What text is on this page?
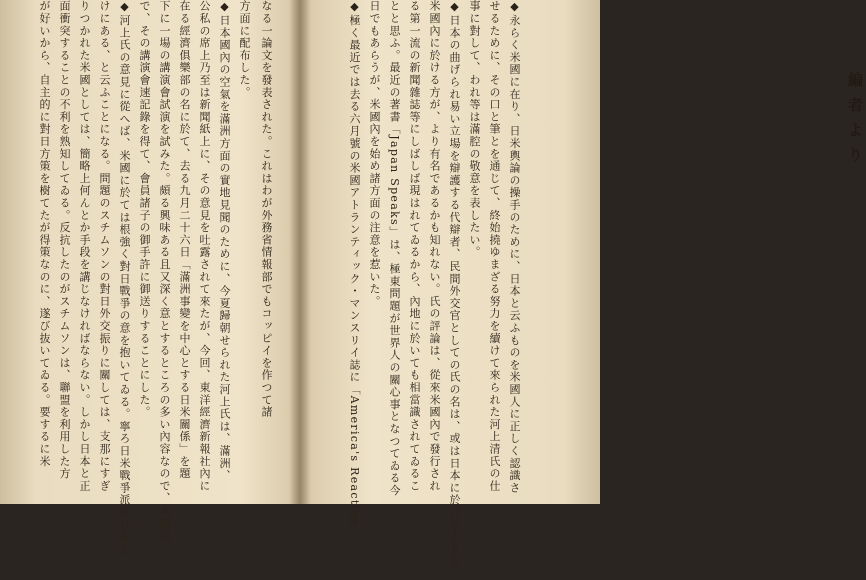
編者より
◆永らく米國に在り、日米輿論の操手のために、日本と云ふものを米國人に正しく認識さ
せるために、その口と筆とを通じて、終始撓ゆまざる努力を續けて來られた河上清氏の仕
事に對して、われ等は滿腔の敬意を表したい。
◆日本の曲げられ易い立場を辯護する代辯者、民間外交官としての氏の名は、或は日本に於けるよりも、
米國內に於ける方が、より有名であるかも知れない。氏の評論は、從來米國內で發行され
る第一流の新聞雜誌等にしばしば現はれてゐるから、內地に於いても相當識されてゐるこ
とと思ふ。最近の著書「Japan Speaks」は、極東問題が世界人の關心事となつてゐる今
日でもあらうが、米國內を始め諸方面の注意を惹いた。
◆極く最近では去る六月號の米國アトランティック・マンスリイ誌に「America's Reaction」
なる一論文を發表された。これはわが外務省情報部でもコッピイを作つて諸
方面に配布した。
◆日本國內の空氣を滿洲方面の實地見聞のために、今夏歸朝せられた河上氏は、滿洲、
公私の席上乃至は新聞紙上に、その意見を吐露されて來たが、今回、東洋經濟新報社內に
在る經濟俱樂部の名に於て、去る九月二十六日「滿洲事變を中心とする日米關係」を題
下に一場の講演會試演を試みた。頗る興味ある且又深く意とするところの多い內容なので、本通信
で、その講演會速記錄を得て、會員諸子の御手許に御送りすることにした。
◆河上氏の意見に從へば、米國に於ては根強く對日戰爭の意を抱いてゐる。寧ろ日米戰爭派は日本だ
けにある、と云ふことになる。問題のスチムソンの對日外交振りに關しては、支那にすぎ
りつかれた米國としては、簡略上何んとか手段を講じなければならない。しかし日本と正
面衝突することの不利を熟知してゐる。反抗したのがスチムソンは、聯盟を利用した方
が好いから、自主的に對日方策を樹てたが得策なのに、遂び抜いてゐる。要するに米
